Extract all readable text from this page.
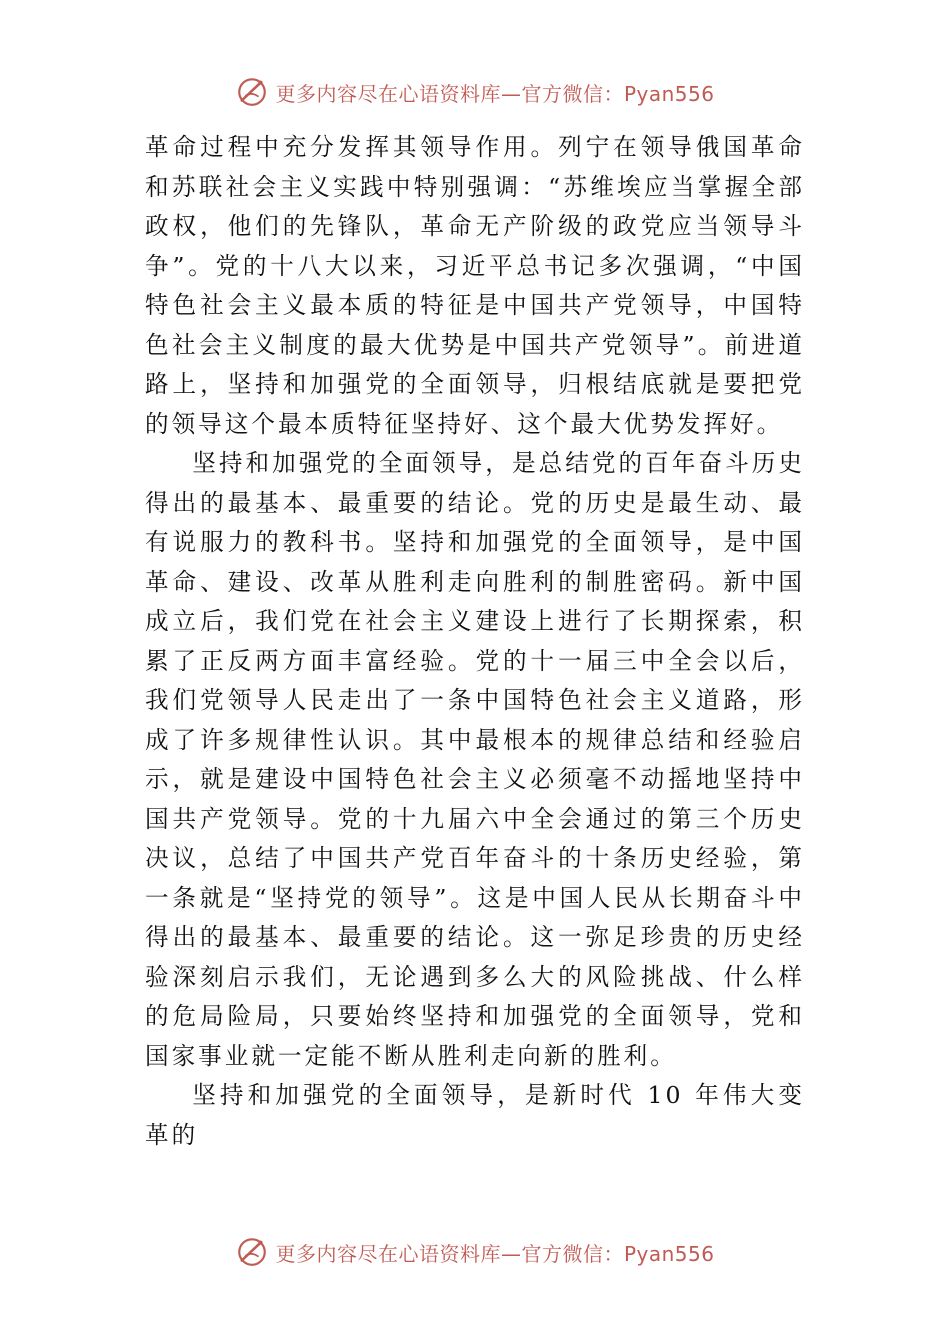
更多内容尽在心语资料库—官方微信：Pyan556

革命过程中充分发挥其领导作用。列宁在领导俄国革命和苏联社会主义实践中特别强调：“苏维埃应当掌握全部政权，他们的先锋队，革命无产阶级的政党应当领导斗争”。党的十八大以来，习近平总书记多次强调，“中国特色社会主义最本质的特征是中国共产党领导，中国特色社会主义制度的最大优势是中国共产党领导”。前进道路上，坚持和加强党的全面领导，归根结底就是要把党的领导这个最本质特征坚持好、这个最大优势发挥好。

坚持和加强党的全面领导，是总结党的百年奋斗历史得出的最基本、最重要的结论。党的历史是最生动、最有说服力的教科书。坚持和加强党的全面领导，是中国革命、建设、改革从胜利走向胜利的制胜密码。新中国成立后，我们党在社会主义建设上进行了长期探索，积累了正反两方面丰富经验。党的十一届三中全会以后，我们党领导人民走出了一条中国特色社会主义道路，形成了许多规律性认识。其中最根本的规律总结和经验启示，就是建设中国特色社会主义必须毫不动摇地坚持中国共产党领导。党的十九届六中全会通过的第三个历史决议，总结了中国共产党百年奋斗的十条历史经验，第一条就是“坚持党的领导”。这是中国人民从长期奋斗中得出的最基本、最重要的结论。这一弥足珍贵的历史经验深刻启示我们，无论遇到多么大的风险挑战、什么样的危局险局，只要始终坚持和加强党的全面领导，党和国家事业就一定能不断从胜利走向新的胜利。

坚持和加强党的全面领导，是新时代 10 年伟大变革的

更多内容尽在心语资料库—官方微信：Pyan556
